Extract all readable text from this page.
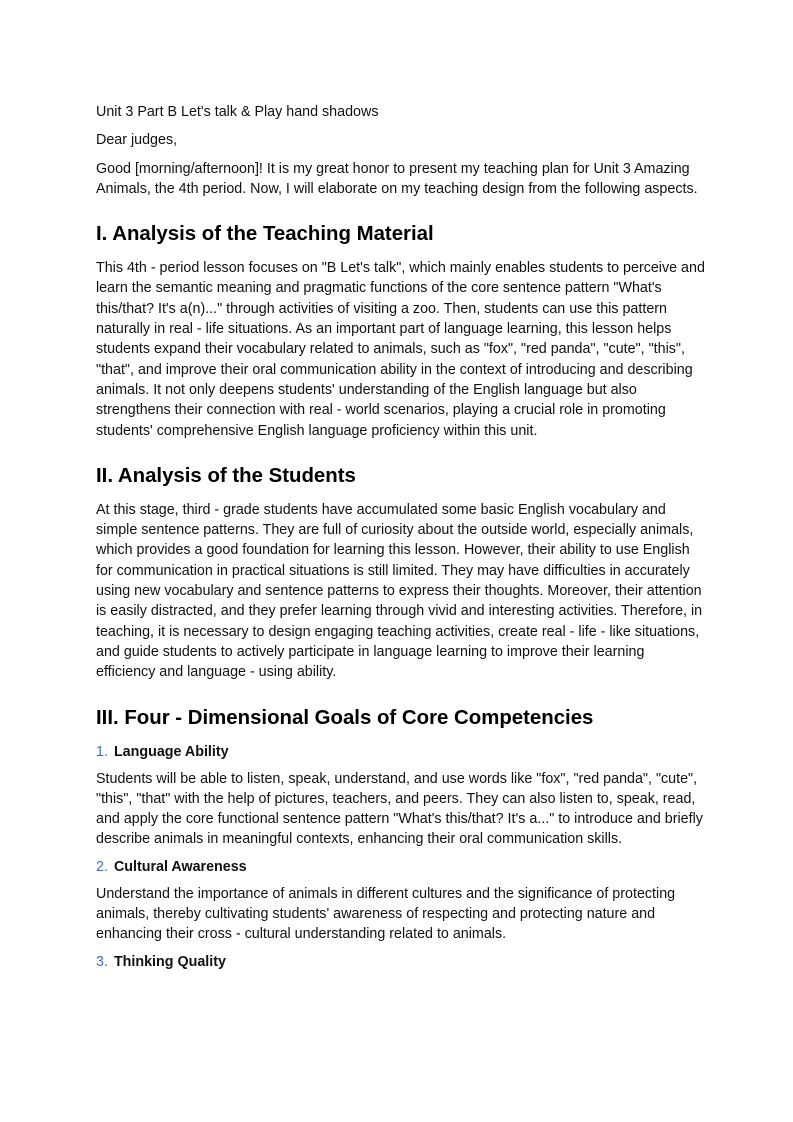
Unit 3 Part B Let's talk & Play hand shadows

Dear judges,

Good [morning/afternoon]! It is my great honor to present my teaching plan for Unit 3 Amazing Animals, the 4th period. Now, I will elaborate on my teaching design from the following aspects.

I. Analysis of the Teaching Material

This 4th - period lesson focuses on "B Let's talk", which mainly enables students to perceive and learn the semantic meaning and pragmatic functions of the core sentence pattern "What's this/that? It's a(n)..." through activities of visiting a zoo. Then, students can use this pattern naturally in real - life situations. As an important part of language learning, this lesson helps students expand their vocabulary related to animals, such as "fox", "red panda", "cute", "this", "that", and improve their oral communication ability in the context of introducing and describing animals. It not only deepens students' understanding of the English language but also strengthens their connection with real - world scenarios, playing a crucial role in promoting students' comprehensive English language proficiency within this unit.

II. Analysis of the Students

At this stage, third - grade students have accumulated some basic English vocabulary and simple sentence patterns. They are full of curiosity about the outside world, especially animals, which provides a good foundation for learning this lesson. However, their ability to use English for communication in practical situations is still limited. They may have difficulties in accurately using new vocabulary and sentence patterns to express their thoughts. Moreover, their attention is easily distracted, and they prefer learning through vivid and interesting activities. Therefore, in teaching, it is necessary to design engaging teaching activities, create real - life - like situations, and guide students to actively participate in language learning to improve their learning efficiency and language - using ability.

III. Four - Dimensional Goals of Core Competencies
1. Language Ability

Students will be able to listen, speak, understand, and use words like "fox", "red panda", "cute", "this", "that" with the help of pictures, teachers, and peers. They can also listen to, speak, read, and apply the core functional sentence pattern "What's this/that? It's a..." to introduce and briefly describe animals in meaningful contexts, enhancing their oral communication skills.

2. Cultural Awareness

Understand the importance of animals in different cultures and the significance of protecting animals, thereby cultivating students' awareness of respecting and protecting nature and enhancing their cross - cultural understanding related to animals.

3. Thinking Quality
